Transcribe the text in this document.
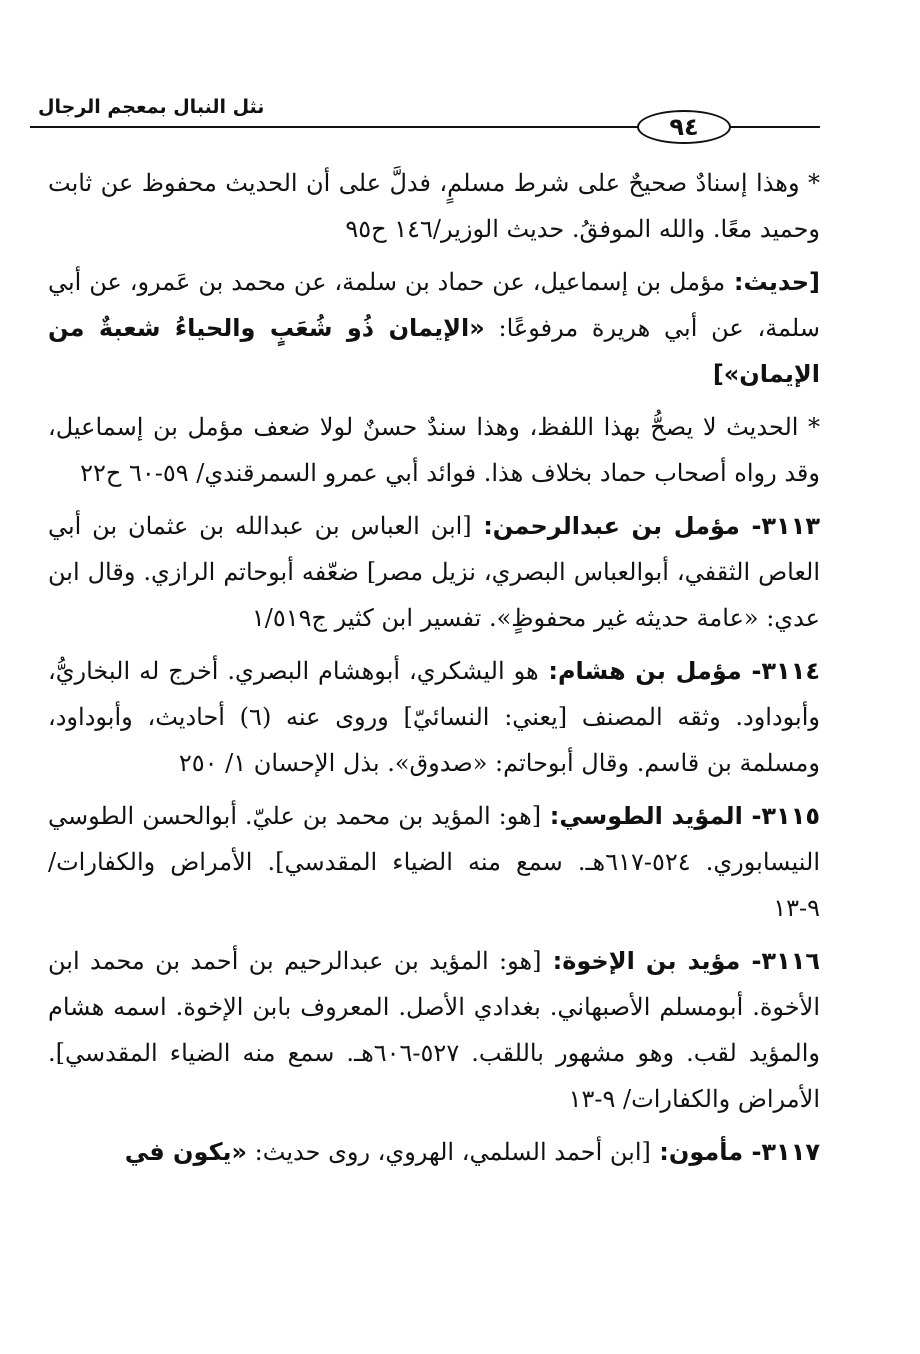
نثل النبال بمعجم الرجال
٩٤

* وهذا إسنادٌ صحيحٌ على شرط مسلمٍ، فدلَّ على أن الحديث محفوظ عن ثابت وحميد معًا. والله الموفقُ. حديث الوزير/١٤٦ ح٩٥

[حديث: مؤمل بن إسماعيل، عن حماد بن سلمة، عن محمد بن عَمرو، عن أبي سلمة، عن أبي هريرة مرفوعًا: «الإيمان ذُو شُعَبٍ والحياءُ شعبةٌ من الإيمان»]

* الحديث لا يصحُّ بهذا اللفظ، وهذا سندٌ حسنٌ لولا ضعف مؤمل بن إسماعيل، وقد رواه أصحاب حماد بخلاف هذا. فوائد أبي عمرو السمرقندي/ ٥٩-٦٠ ح٢٢

٣١١٣- مؤمل بن عبدالرحمن: [ابن العباس بن عبدالله بن عثمان بن أبي العاص الثقفي، أبوالعباس البصري، نزيل مصر] ضعّفه أبوحاتم الرازي. وقال ابن عدي: «عامة حديثه غير محفوظٍ». تفسير ابن كثير ج١/٥١٩

٣١١٤- مؤمل بن هشام: هو اليشكري، أبوهشام البصري. أخرج له البخاريُّ، وأبوداود. وثقه المصنف [يعني: النسائيّ] وروى عنه (٦) أحاديث، وأبوداود، ومسلمة بن قاسم. وقال أبوحاتم: «صدوق». بذل الإحسان ١/ ٢٥٠

٣١١٥- المؤيد الطوسي: [هو: المؤيد بن محمد بن عليّ. أبوالحسن الطوسي النيسابوري. ٥٢٤-٦١٧هـ. سمع منه الضياء المقدسي]. الأمراض والكفارات/ ٩-١٣

٣١١٦- مؤيد بن الإخوة: [هو: المؤيد بن عبدالرحيم بن أحمد بن محمد ابن الأخوة. أبومسلم الأصبهاني. بغدادي الأصل. المعروف بابن الإخوة. اسمه هشام والمؤيد لقب. وهو مشهور باللقب. ٥٢٧-٦٠٦هـ. سمع منه الضياء المقدسي]. الأمراض والكفارات/ ٩-١٣

٣١١٧- مأمون: [ابن أحمد السلمي، الهروي، روى حديث: «يكون في
